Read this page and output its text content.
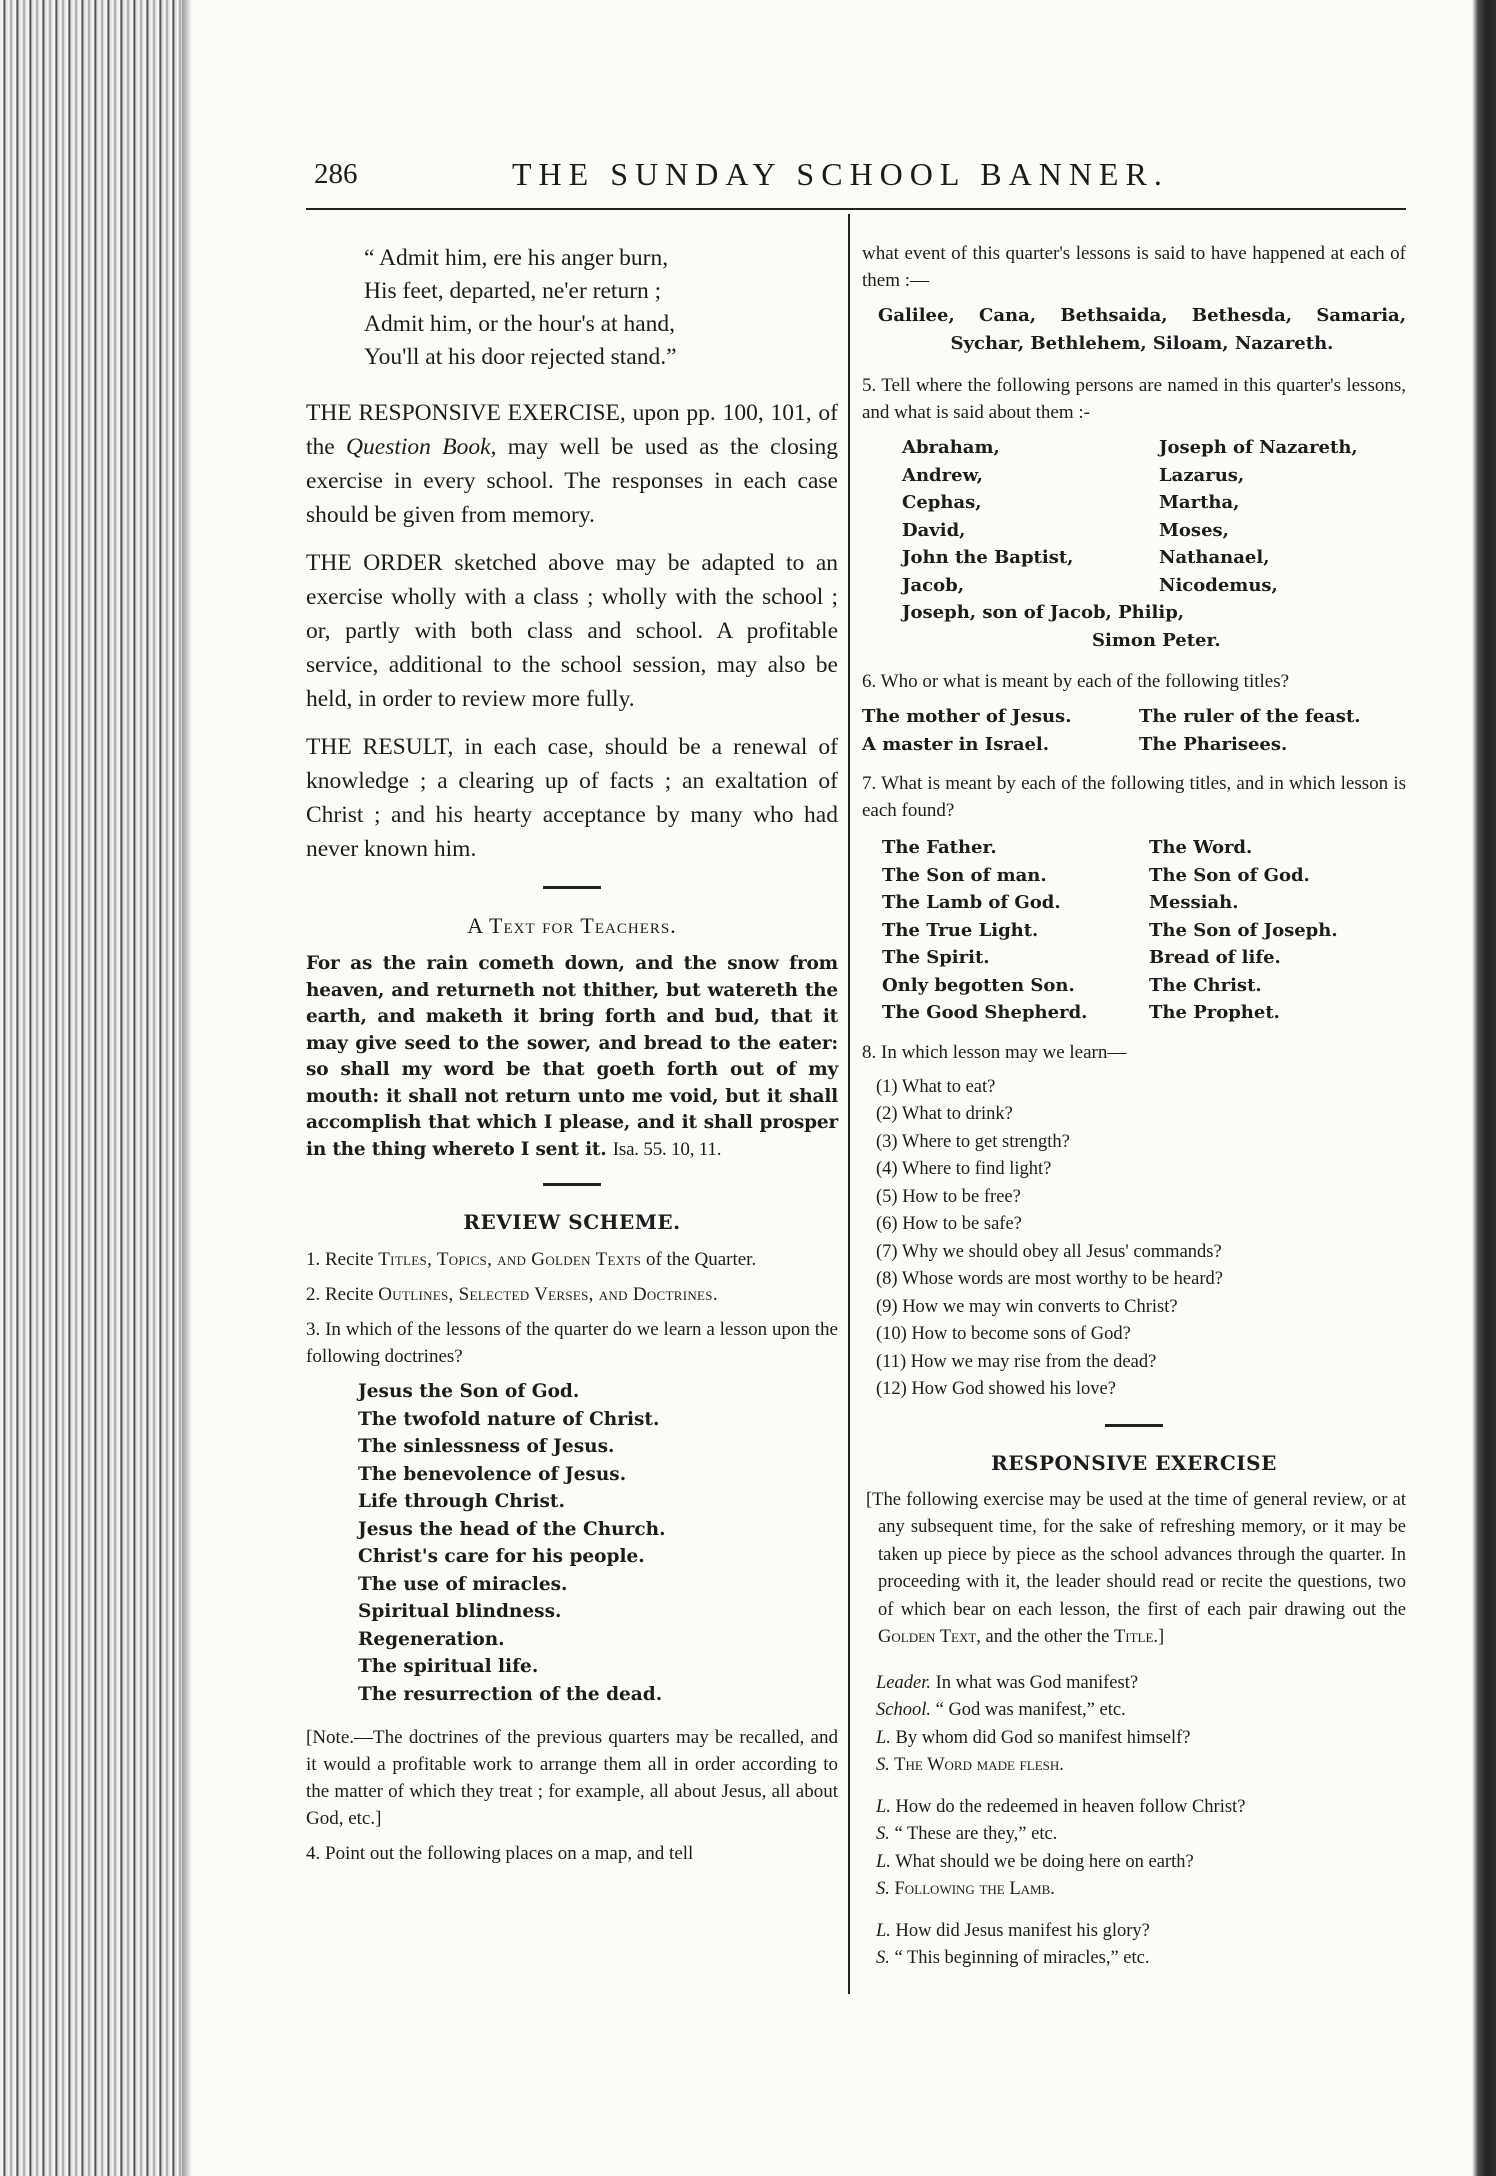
286	THE SUNDAY SCHOOL BANNER.
“ Admit him, ere his anger burn,
His feet, departed, ne'er return ;
Admit him, or the hour's at hand,
You'll at his door rejected stand.”

THE RESPONSIVE EXERCISE, upon pp. 100, 101, of the Question Book, may well be used as the closing exercise in every school. The responses in each case should be given from memory.

THE ORDER sketched above may be adapted to an exercise wholly with a class ; wholly with the school ; or, partly with both class and school. A profitable service, additional to the school session, may also be held, in order to review more fully.

THE RESULT, in each case, should be a renewal of knowledge ; a clearing up of facts ; an exaltation of Christ ; and his hearty acceptance by many who had never known him.

A Text for Teachers.

For as the rain cometh down, and the snow from heaven, and returneth not thither, but watereth the earth, and maketh it bring forth and bud, that it may give seed to the sower, and bread to the eater: so shall my word be that goeth forth out of my mouth: it shall not return unto me void, but it shall accomplish that which I please, and it shall prosper in the thing whereto I sent it. Isa. 55. 10, 11.

REVIEW SCHEME.

1. Recite Titles, Topics, and Golden Texts of the Quarter.

2. Recite Outlines, Selected Verses, and Doctrines.

3. In which of the lessons of the quarter do we learn a lesson upon the following doctrines?

Jesus the Son of God.
The twofold nature of Christ.
The sinlessness of Jesus.
The benevolence of Jesus.
Life through Christ.
Jesus the head of the Church.
Christ's care for his people.
The use of miracles.
Spiritual blindness.
Regeneration.
The spiritual life.
The resurrection of the dead.

[Note.—The doctrines of the previous quarters may be recalled, and it would a profitable work to arrange them all in order according to the matter of which they treat ; for example, all about Jesus, all about God, etc.]

4. Point out the following places on a map, and tell

what event of this quarter's lessons is said to have happened at each of them :—

Galilee, Cana, Bethsaida, Bethesda, Samaria, Sychar, Bethlehem, Siloam, Nazareth.

5. Tell where the following persons are named in this quarter's lessons, and what is said about them :-

Abraham,	Joseph of Nazareth,
Andrew,	Lazarus,
Cephas,	Martha,
David,	Moses,
John the Baptist,	Nathanael,
Jacob,	Nicodemus,
Joseph, son of Jacob, Philip,
Simon Peter.

6. Who or what is meant by each of the following titles?

The mother of Jesus.	The ruler of the feast.
A master in Israel.	The Pharisees.

7. What is meant by each of the following titles, and in which lesson is each found?

The Father.	The Word.
The Son of man.	The Son of God.
The Lamb of God.	Messiah.
The True Light.	The Son of Joseph.
The Spirit.	Bread of life.
Only begotten Son.	The Christ.
The Good Shepherd.	The Prophet.

8. In which lesson may we learn—

(1) What to eat?
(2) What to drink?
(3) Where to get strength?
(4) Where to find light?
(5) How to be free?
(6) How to be safe?
(7) Why we should obey all Jesus' commands?
(8) Whose words are most worthy to be heard?
(9) How we may win converts to Christ?
(10) How to become sons of God?
(11) How we may rise from the dead?
(12) How God showed his love?
RESPONSIVE EXERCISE

[The following exercise may be used at the time of general review, or at any subsequent time, for the sake of refreshing memory, or it may be taken up piece by piece as the school advances through the quarter. In proceeding with it, the leader should read or recite the questions, two of which bear on each lesson, the first of each pair drawing out the Golden Text, and the other the Title.]

Leader. In what was God manifest?
School. “ God was manifest,” etc.
L. By whom did God so manifest himself?
S. The Word made flesh.
L. How do the redeemed in heaven follow Christ?
S. “ These are they,” etc.
L. What should we be doing here on earth?
S. Following the Lamb.
L. How did Jesus manifest his glory?
S. “ This beginning of miracles,” etc.
